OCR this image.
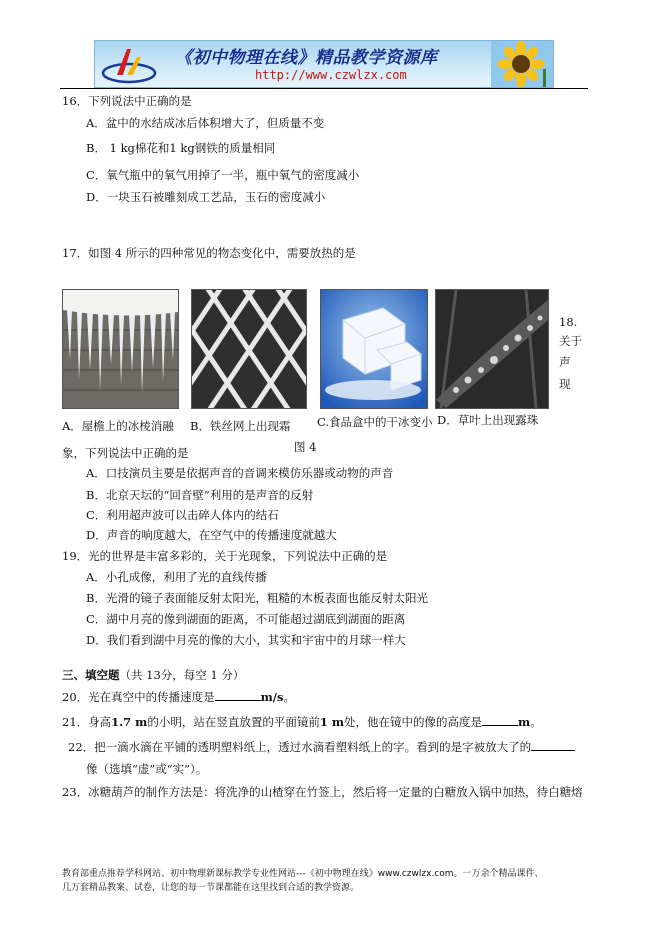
《初中物理在线》精品教学资源库
http://www.czwlzx.com
16．下列说法中正确的是
A．盆中的水结成冰后体积增大了，但质量不变
B． 1 kg棉花和1 kg钢铁的质量相同
C．氧气瓶中的氧气用掉了一半，瓶中氧气的密度减小
D．一块玉石被雕刻成工艺品，玉石的密度减小
17．如图 4 所示的四种常见的物态变化中，需要放热的是
18.
关于
声
现
A．屋檐上的冰棱消融 B．铁丝网上出现霜 C.食品盒中的干冰变小 D．草叶上出现露珠
图 4
象，下列说法中正确的是
A．口技演员主要是依据声音的音调来模仿乐器或动物的声音
B．北京天坛的“回音壁”利用的是声音的反射
C．利用超声波可以击碎人体内的结石
D．声音的响度越大，在空气中的传播速度就越大
19．光的世界是丰富多彩的，关于光现象，下列说法中正确的是
A．小孔成像，利用了光的直线传播
B．光滑的镜子表面能反射太阳光，粗糙的木板表面也能反射太阳光
C．湖中月亮的像到湖面的距离，不可能超过湖底到湖面的距离
D．我们看到湖中月亮的像的大小，其实和宇宙中的月球一样大
三、填空题（共 13分，每空 1 分）
20．光在真空中的传播速度是	m/s。
21．身高1.7 m的小明，站在竖直放置的平面镜前1 m处，他在镜中的像的高度是	m。
22．把一滴水滴在平铺的透明塑料纸上，透过水滴看塑料纸上的字。看到的是字被放大了的
像（选填“虚”或“实”）。
23．冰糖葫芦的制作方法是：将洗净的山楂穿在竹签上，然后将一定量的白糖放入锅中加热，待白糖熔
教育部重点推荐学科网站、初中物理新课标教学专业性网站---《初中物理在线》www.czwlzx.com。一万余个精品课件、
几万套精品教案、试卷，让您的每一节课都能在这里找到合适的教学资源。
